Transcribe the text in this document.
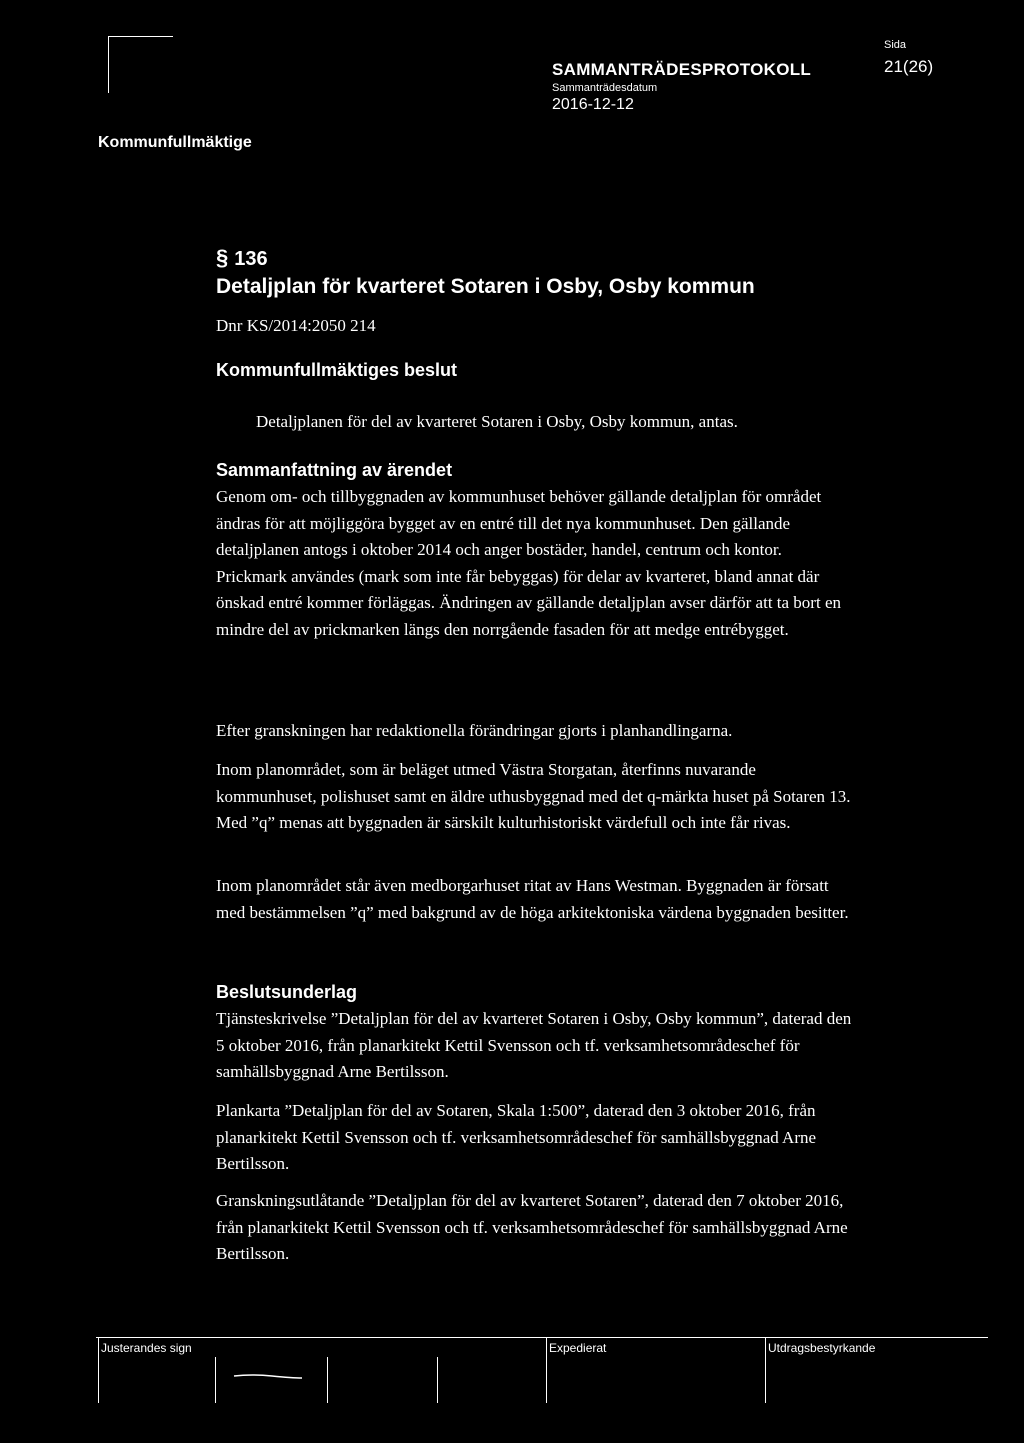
SAMMANTRÄDESPROTOKOLL
Sammanträdesdatum
2016-12-12
Sida
21(26)
Kommunfullmäktige
§ 136
Detaljplan för kvarteret Sotaren i Osby, Osby kommun
Dnr KS/2014:2050 214
Kommunfullmäktiges beslut
Detaljplanen för del av kvarteret Sotaren i Osby, Osby kommun, antas.
Sammanfattning av ärendet

Genom om- och tillbyggnaden av kommunhuset behöver gällande detaljplan för området ändras för att möjliggöra bygget av en entré till det nya kommunhuset. Den gällande detaljplanen antogs i oktober 2014 och anger bostäder, handel, centrum och kontor. Prickmark användes (mark som inte får bebyggas) för delar av kvarteret, bland annat där önskad entré kommer förläggas. Ändringen av gällande detaljplan avser därför att ta bort en mindre del av prickmarken längs den norrgående fasaden för att medge entrébygget.

Efter granskningen har redaktionella förändringar gjorts i planhandlingarna.

Inom planområdet, som är beläget utmed Västra Storgatan, återfinns nuvarande kommunhuset, polishuset samt en äldre uthusbyggnad med det q-märkta huset på Sotaren 13. Med ”q” menas att byggnaden är särskilt kulturhistoriskt värdefull och inte får rivas.

Inom planområdet står även medborgarhuset ritat av Hans Westman. Byggnaden är försatt med bestämmelsen ”q” med bakgrund av de höga arkitektoniska värdena byggnaden besitter.

Beslutsunderlag

Tjänsteskrivelse ”Detaljplan för del av kvarteret Sotaren i Osby, Osby kommun”, daterad den 5 oktober 2016, från planarkitekt Kettil Svensson och tf. verksamhetsområdeschef för samhällsbyggnad Arne Bertilsson.

Plankarta ”Detaljplan för del av Sotaren, Skala 1:500”, daterad den 3 oktober 2016, från planarkitekt Kettil Svensson och tf. verksamhetsområdeschef för samhällsbyggnad Arne Bertilsson.

Granskningsutlåtande ”Detaljplan för del av kvarteret Sotaren”, daterad den 7 oktober 2016, från planarkitekt Kettil Svensson och tf. verksamhetsområdeschef för samhällsbyggnad Arne Bertilsson.

Justerandes sign	Expedierat	Utdragsbestyrkande
